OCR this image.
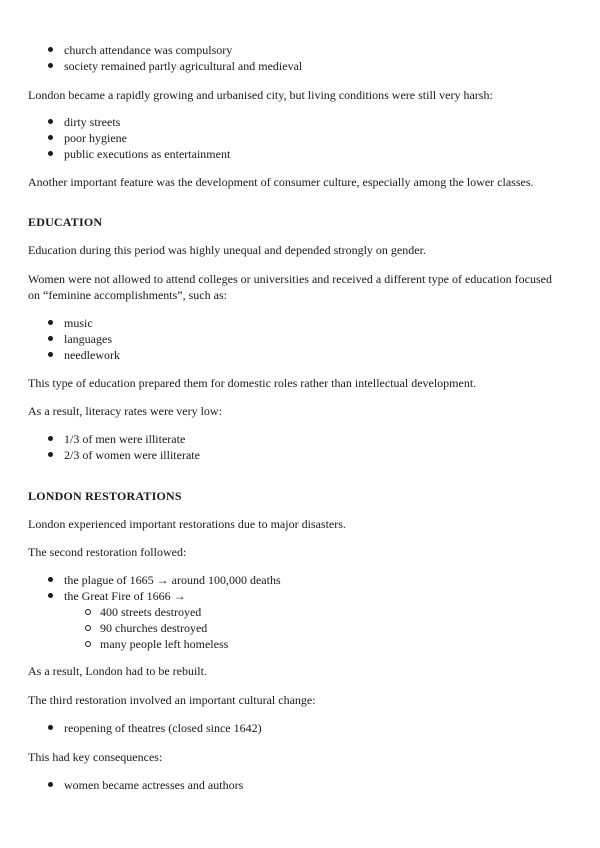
church attendance was compulsory
society remained partly agricultural and medieval

London became a rapidly growing and urbanised city, but living conditions were still very harsh:

dirty streets
poor hygiene
public executions as entertainment

Another important feature was the development of consumer culture, especially among the lower classes.

EDUCATION

Education during this period was highly unequal and depended strongly on gender.

Women were not allowed to attend colleges or universities and received a different type of education focused on “feminine accomplishments”, such as:

music
languages
needlework

This type of education prepared them for domestic roles rather than intellectual development.

As a result, literacy rates were very low:

1/3 of men were illiterate
2/3 of women were illiterate

LONDON RESTORATIONS

London experienced important restorations due to major disasters.

The second restoration followed:

the plague of 1665 → around 100,000 deaths
the Great Fire of 1666 →
400 streets destroyed
90 churches destroyed
many people left homeless

As a result, London had to be rebuilt.

The third restoration involved an important cultural change:

reopening of theatres (closed since 1642)

This had key consequences:

women became actresses and authors
